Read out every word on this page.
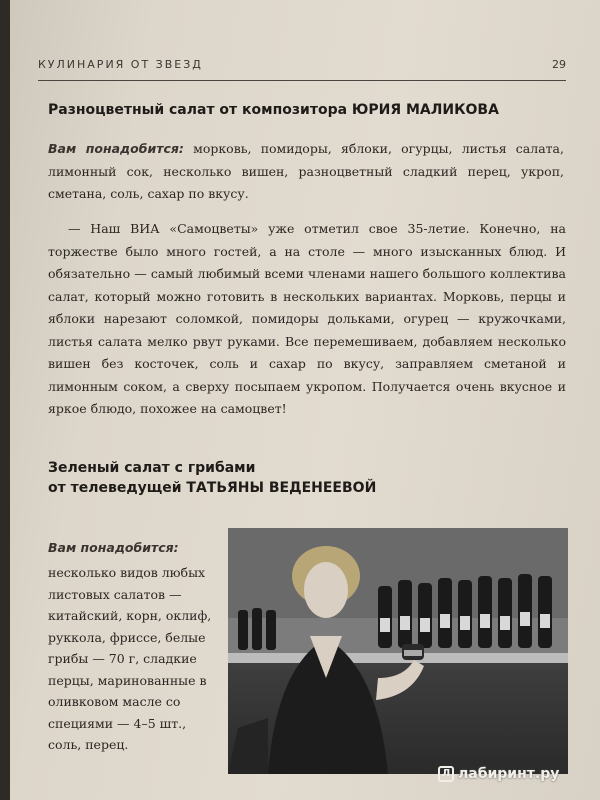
КУЛИНАРИЯ ОТ ЗВЕЗД	29
Разноцветный салат от композитора ЮРИЯ МАЛИКОВА

Вам понадобится: морковь, помидоры, яблоки, огурцы, листья салата, лимонный сок, несколько вишен, разноцветный сладкий перец, укроп, сметана, соль, сахар по вкусу.

— Наш ВИА «Самоцветы» уже отметил свое 35-летие. Конечно, на торжестве было много гостей, а на столе — много изысканных блюд. И обязательно — самый любимый всеми членами нашего большого коллектива салат, который можно готовить в нескольких вариантах. Морковь, перцы и яблоки нарезают соломкой, помидоры дольками, огурец — кружочками, листья салата мелко рвут руками. Все перемешиваем, добавляем несколько вишен без косточек, соль и сахар по вкусу, заправляем сметаной и лимонным соком, а сверху посыпаем укропом. Получается очень вкусное и яркое блюдо, похожее на самоцвет!

Зеленый салат с грибами
от телеведущей ТАТЬЯНЫ ВЕДЕНЕЕВОЙ
Вам понадобится:

несколько видов любых листовых салатов — китайский, корн, оклиф, руккола, фриссе, белые грибы — 70 г, сладкие перцы, маринованные в оливковом масле со специями — 4–5 шт., соль, перец.

Л лабиринт.ру
